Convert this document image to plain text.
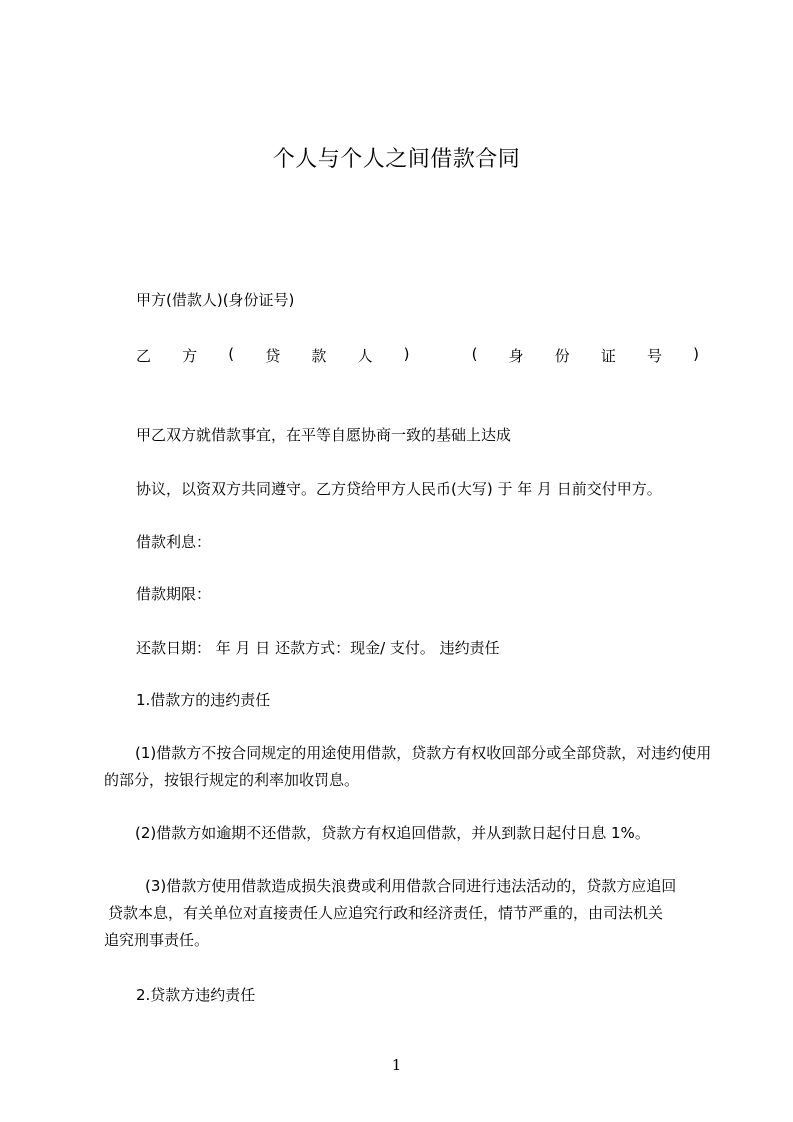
个人与个人之间借款合同
甲方(借款人)(身份证号)
乙 方 ( 贷 款 人 )	( 身 份 证 号 )
甲乙双方就借款事宜，在平等自愿协商一致的基础上达成
协议，以资双方共同遵守。乙方贷给甲方人民币(大写) 于 年 月 日前交付甲方。
借款利息：
借款期限：
还款日期： 年 月 日 还款方式：现金/ 支付。 违约责任
1.借款方的违约责任
(1)借款方不按合同规定的用途使用借款，贷款方有权收回部分或全部贷款，对违约使用的部分，按银行规定的利率加收罚息。
(2)借款方如逾期不还借款，贷款方有权追回借款，并从到款日起付日息 1%。
(3)借款方使用借款造成损失浪费或利用借款合同进行违法活动的，贷款方应追回
贷款本息，有关单位对直接责任人应追究行政和经济责任，情节严重的，由司法机关
追究刑事责任。
2.贷款方违约责任
1
